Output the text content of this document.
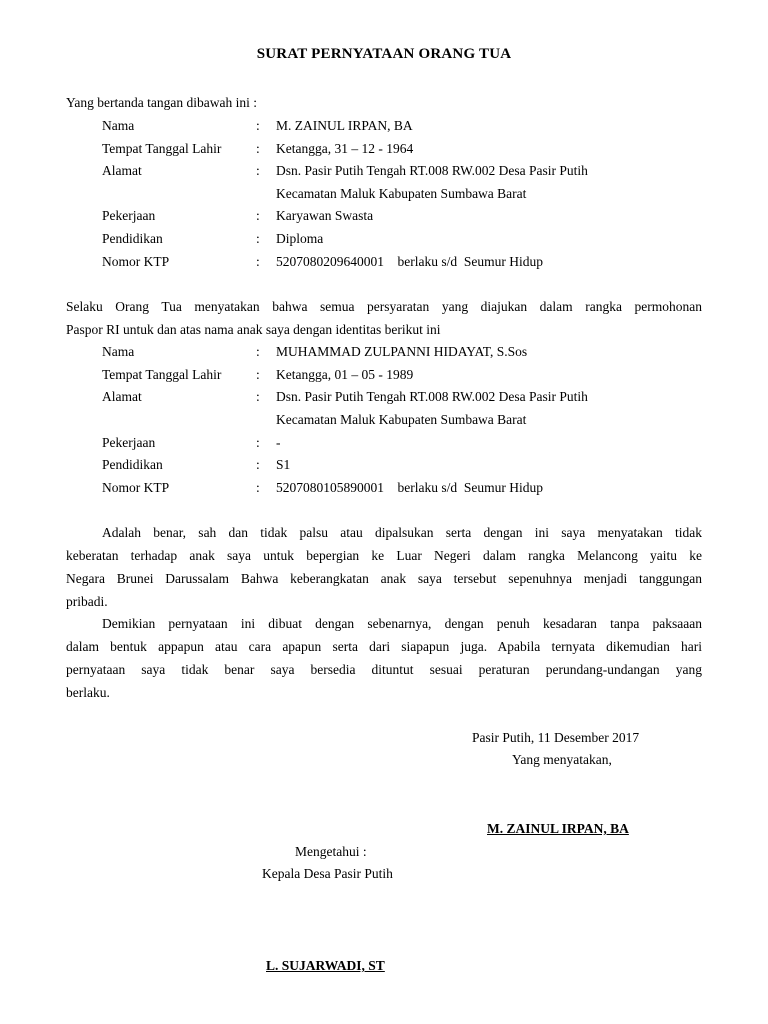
SURAT PERNYATAAN ORANG TUA
Yang bertanda tangan dibawah ini :
Nama	: M. ZAINUL IRPAN, BA
Tempat Tanggal Lahir	: Ketangga, 31 – 12 - 1964
Alamat	: Dsn. Pasir Putih Tengah RT.008 RW.002 Desa Pasir Putih
Kecamatan Maluk Kabupaten Sumbawa Barat
Pekerjaan	: Karyawan Swasta
Pendidikan	: Diploma
Nomor KTP	: 5207080209640001    berlaku s/d  Seumur Hidup
Selaku Orang Tua menyatakan bahwa semua persyaratan yang diajukan dalam rangka permohonan
Paspor RI untuk dan atas nama anak saya dengan identitas berikut ini
Nama	: MUHAMMAD ZULPANNI HIDAYAT, S.Sos
Tempat Tanggal Lahir	: Ketangga, 01 – 05 - 1989
Alamat	: Dsn. Pasir Putih Tengah RT.008 RW.002 Desa Pasir Putih
Kecamatan Maluk Kabupaten Sumbawa Barat
Pekerjaan	: -
Pendidikan	: S1
Nomor KTP	: 5207080105890001    berlaku s/d  Seumur Hidup
Adalah benar, sah dan tidak palsu atau dipalsukan serta dengan ini saya menyatakan tidak
keberatan terhadap anak saya untuk bepergian ke Luar Negeri dalam rangka Melancong yaitu ke
Negara Brunei Darussalam Bahwa keberangkatan anak saya tersebut sepenuhnya menjadi tanggungan
pribadi.
Demikian pernyataan ini dibuat dengan sebenarnya, dengan penuh kesadaran tanpa paksaaan
dalam bentuk appapun atau cara apapun serta dari siapapun juga. Apabila ternyata dikemudian hari
pernyataan saya tidak benar saya bersedia dituntut sesuai peraturan perundang-undangan yang
berlaku.
Pasir Putih, 11 Desember 2017
Yang menyatakan,
M. ZAINUL IRPAN, BA
Mengetahui :
Kepala Desa Pasir Putih
L. SUJARWADI, ST
